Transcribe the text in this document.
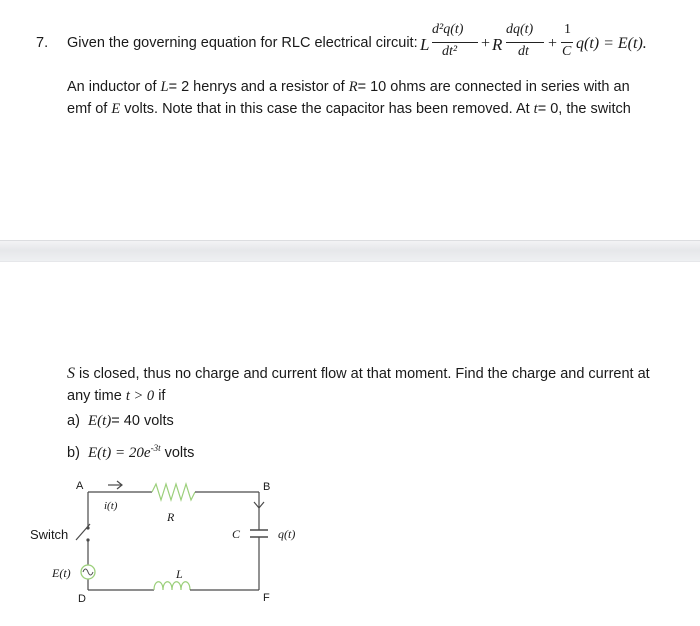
7. Given the governing equation for RLC electrical circuit: L
d²q(t)
dt² + R
dq(t)
dt +
1
C q(t) = E(t).
An inductor of L= 2 henrys and a resistor of R= 10 ohms are connected in series with an
emf of E volts. Note that in this case the capacitor has been removed. At t= 0, the switch
S is closed, thus no charge and current flow at that moment. Find the charge and current at
any time t > 0 if
a) E(t)= 40 volts
b) $E(t) = 20e^{-3t}$ volts
A	B
D	F
i(t)
R
L
C	q(t)
Switch
E(t)
